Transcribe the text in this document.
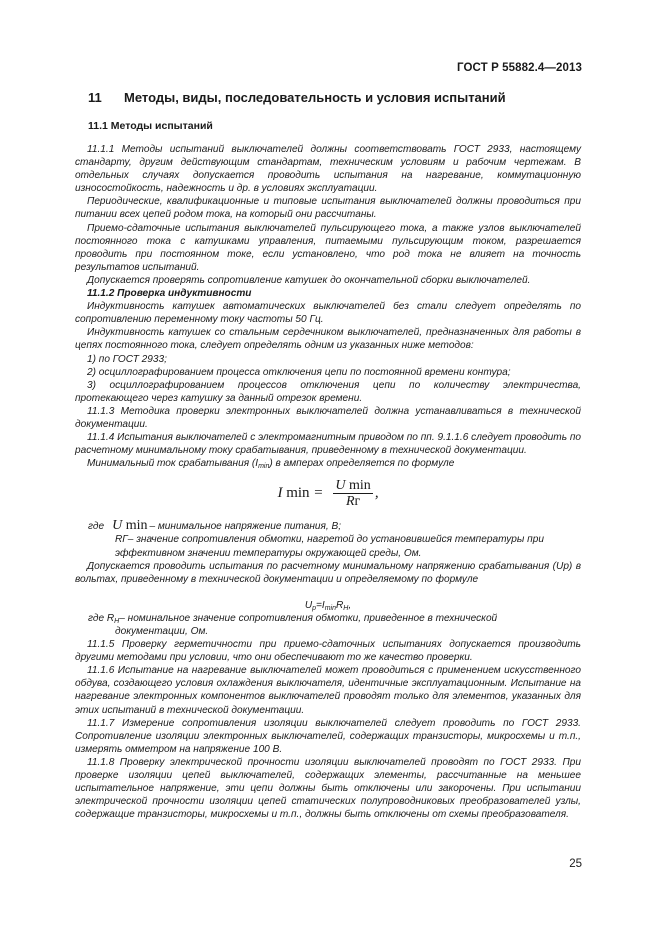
ГОСТ Р 55882.4—2013
11 Методы, виды, последовательность и условия испытаний
11.1 Методы испытаний

11.1.1 Методы испытаний выключателей должны соответствовать ГОСТ 2933, настоящему стандарту, другим действующим стандартам, техническим условиям и рабочим чертежам. В отдельных случаях допускается проводить испытания на нагревание, коммутационную износостойкость, надежность и др. в условиях эксплуатации.

Периодические, квалификационные и типовые испытания выключателей должны проводиться при питании всех цепей родом тока, на который они рассчитаны.

Приемо-сдаточные испытания выключателей пульсирующего тока, а также узлов выключателей постоянного тока с катушками управления, питаемыми пульсирующим током, разрешается проводить при постоянном токе, если установлено, что род тока не влияет на точность результатов испытаний.

Допускается проверять сопротивление катушек до окончательной сборки выключателей.

11.1.2 Проверка индуктивности

Индуктивность катушек автоматических выключателей без стали следует определять по сопротивлению переменному току частоты 50 Гц.

Индуктивность катушек со стальным сердечником выключателей, предназначенных для работы в цепях постоянного тока, следует определять одним из указанных ниже методов:

1) по ГОСТ 2933;

2) осциллографированием процесса отключения цепи по постоянной времени контура;

3) осциллографированием процессов отключения цепи по количеству электричества, протекающего через катушку за данный отрезок времени.

11.1.3 Методика проверки электронных выключателей должна устанавливаться в технической документации.

11.1.4 Испытания выключателей с электромагнитным приводом по пп. 9.1.1.6 следует проводить по расчетному минимальному току срабатывания, приведенному в технической документации.

Минимальный ток срабатывания $(I_{min})$ в амперах определяется по формуле

I $\min = \frac{\text{U min}}{Rг}$ ,

где U min – минимальное напряжение питания, В;

RГ– значение сопротивления обмотки, нагретой до установившейся температуры при эффективном значении температуры окружающей среды, Ом.

Допускается проводить испытания по расчетному минимальному напряжению срабатывания (Up) в вольтах, приведенному в технической документации и определяемому по формуле

$U_p=I_{min}R_H$,

где $R_H-$ номинальное значение сопротивления обмотки, приведенное в технической

документации, Ом.

11.1.5 Проверку герметичности при приемо-сдаточных испытаниях допускается производить другими методами при условии, что они обеспечивают то же качество проверки.

11.1.6 Испытание на нагревание выключателей может проводиться с применением искусственного обдува, создающего условия охлаждения выключателя, идентичные эксплуатационным. Испытание на нагревание электронных компонентов выключателей проводят только для элементов, указанных для этих испытаний в технической документации.

11.1.7 Измерение сопротивления изоляции выключателей следует проводить по ГОСТ 2933. Сопротивление изоляции электронных выключателей, содержащих транзисторы, микросхемы и т.п., измерять омметром на напряжение 100 В.

11.1.8 Проверку электрической прочности изоляции выключателей проводят по ГОСТ 2933. При проверке изоляции цепей выключателей, содержащих элементы, рассчитанные на меньшее испытательное напряжение, эти цепи должны быть отключены или закорочены. При испытании электрической прочности изоляции цепей статических полупроводниковых преобразователей узлы, содержащие транзисторы, микросхемы и т.п., должны быть отключены от схемы преобразователя.

25
